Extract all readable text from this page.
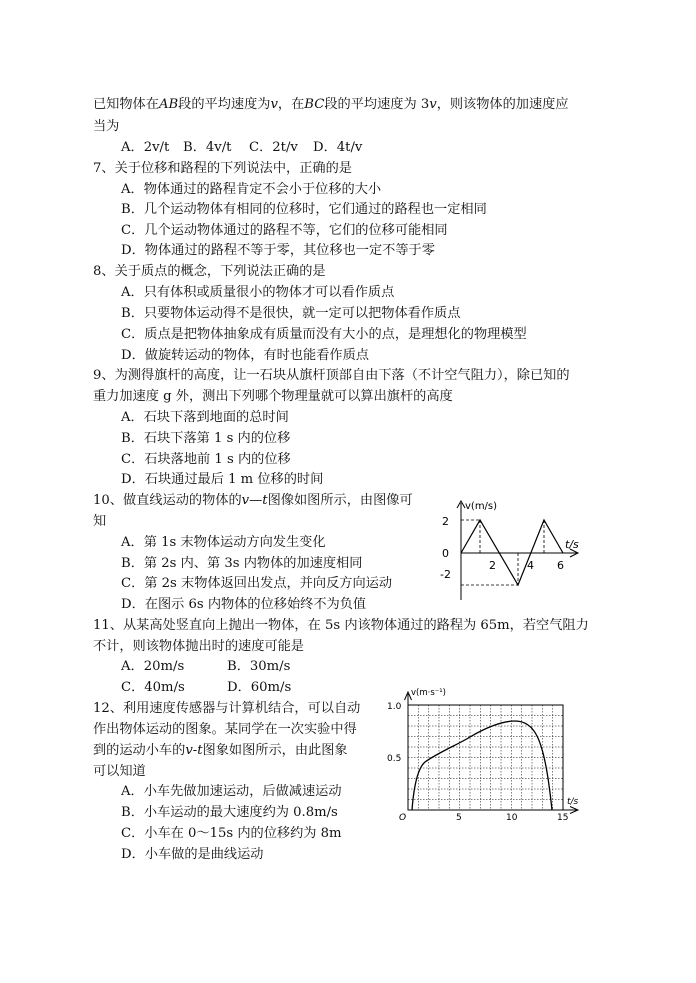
已知物体在AB段的平均速度为v，在BC段的平均速度为 3v，则该物体的加速度应
当为
A．2v/t B．4v/t C．2t/v D．4t/v
7、关于位移和路程的下列说法中，正确的是
A．物体通过的路程肯定不会小于位移的大小
B．几个运动物体有相同的位移时，它们通过的路程也一定相同
C．几个运动物体通过的路程不等，它们的位移可能相同
D．物体通过的路程不等于零，其位移也一定不等于零
8、关于质点的概念，下列说法正确的是
A．只有体积或质量很小的物体才可以看作质点
B．只要物体运动得不是很快，就一定可以把物体看作质点
C．质点是把物体抽象成有质量而没有大小的点，是理想化的物理模型
D．做旋转运动的物体，有时也能看作质点
9、为测得旗杆的高度，让一石块从旗杆顶部自由下落（不计空气阻力），除已知的
重力加速度 g 外，测出下列哪个物理量就可以算出旗杆的高度
A．石块下落到地面的总时间
B．石块下落第 1 s 内的位移
C．石块落地前 1 s 内的位移
D．石块通过最后 1 m 位移的时间
10、做直线运动的物体的v—t图像如图所示，由图像可
知
A．第 1s 末物体运动方向发生变化
B．第 2s 内、第 3s 内物体的加速度相同
C．第 2s 末物体返回出发点，并向反方向运动
D．在图示 6s 内物体的位移始终不为负值
v(m/s)
t/s
2
0
-2
2	4 6
11、从某高处竖直向上抛出一物体，在 5s 内该物体通过的路程为 65m，若空气阻力
不计，则该物体抛出时的速度可能是
A．20m/s	B．30m/s
C．40m/s	D．60m/s
12、利用速度传感器与计算机结合，可以自动
作出物体运动的图象。某同学在一次实验中得
到的运动小车的v-t图象如图所示，由此图象
可以知道
A．小车先做加速运动，后做减速运动
B．小车运动的最大速度约为 0.8m/s
C．小车在 0～15s 内的位移约为 8m
D．小车做的是曲线运动
v(m·s⁻¹)
t/s
1.0
0.5
O	5	10	15
